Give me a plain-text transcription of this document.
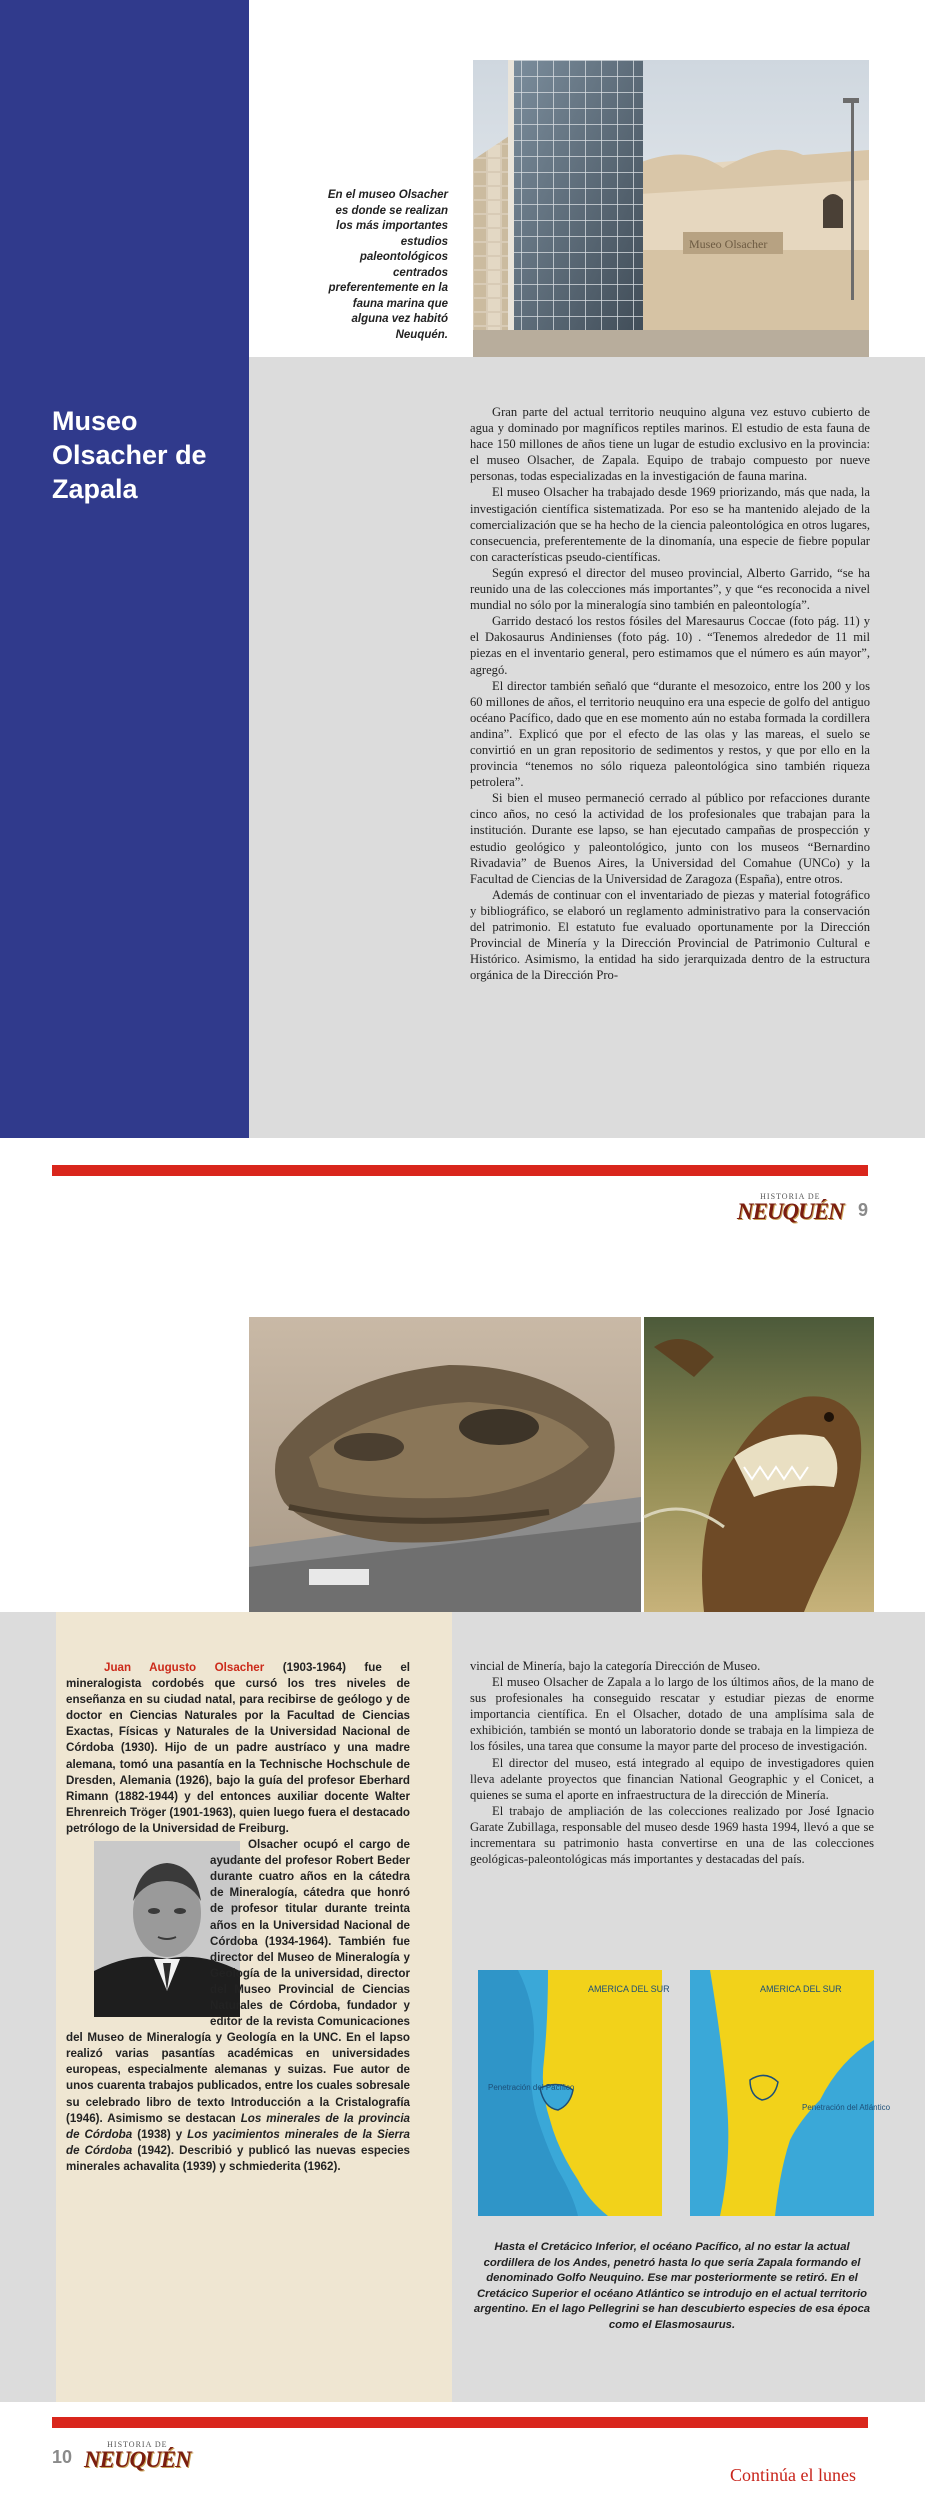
En el museo Olsacher es donde se realizan los más importantes estudios paleontológicos centrados preferentemente en la fauna marina que alguna vez habitó Neuquén.
Museo Olsacher
Museo Olsacher de Zapala

Gran parte del actual territorio neuquino alguna vez estuvo cubierto de agua y dominado por magníficos reptiles marinos. El estudio de esta fauna de hace 150 millones de años tiene un lugar de estudio exclusivo en la provincia: el museo Olsacher, de Zapala. Equipo de trabajo compuesto por nueve personas, todas especializadas en la investigación de fauna marina.

El museo Olsacher ha trabajado desde 1969 priorizando, más que nada, la investigación científica sistematizada. Por eso se ha mantenido alejado de la comercialización que se ha hecho de la ciencia paleontológica en otros lugares, consecuencia, preferentemente de la dinomanía, una especie de fiebre popular con características pseudo-científicas.

Según expresó el director del museo provincial, Alberto Garrido, “se ha reunido una de las colecciones más importantes”, y que “es reconocida a nivel mundial no sólo por la mineralogía sino también en paleontología”.

Garrido destacó los restos fósiles del Maresaurus Coccae (foto pág. 11) y el Dakosaurus Andinienses (foto pág. 10) . “Tenemos alrededor de 11 mil piezas en el inventario general, pero estimamos que el número es aún mayor”, agregó.

El director también señaló que “durante el mesozoico, entre los 200 y los 60 millones de años, el territorio neuquino era una especie de golfo del antiguo océano Pacífico, dado que en ese momento aún no estaba formada la cordillera andina”. Explicó que por el efecto de las olas y las mareas, el suelo se convirtió en un gran repositorio de sedimentos y restos, y que por ello en la provincia “tenemos no sólo riqueza paleontológica sino también riqueza petrolera”.

Si bien el museo permaneció cerrado al público por refacciones durante cinco años, no cesó la actividad de los profesionales que trabajan para la institución. Durante ese lapso, se han ejecutado campañas de prospección y estudio geológico y paleontológico, junto con los museos “Bernardino Rivadavia” de Buenos Aires, la Universidad del Comahue (UNCo) y la Facultad de Ciencias de la Universidad de Zaragoza (España), entre otros.

Además de continuar con el inventariado de piezas y material fotográfico y bibliográfico, se elaboró un reglamento administrativo para la conservación del patrimonio. El estatuto fue evaluado oportunamente por la Dirección Provincial de Minería y la Dirección Provincial de Patrimonio Cultural e Histórico. Asimismo, la entidad ha sido jerarquizada dentro de la estructura orgánica de la Dirección Pro-

HISTORIA DE
NEUQUÉN 9

Juan Augusto Olsacher (1903-1964) fue el mineralogista cordobés que cursó los tres niveles de enseñanza en su ciudad natal, para recibirse de geólogo y de doctor en Ciencias Naturales por la Facultad de Ciencias Exactas, Físicas y Naturales de la Universidad Nacional de Córdoba (1930). Hijo de un padre austríaco y una madre alemana, tomó una pasantía en la Technische Hochschule de Dresden, Alemania (1926), bajo la guía del profesor Eberhard Rimann (1882-1944) y del entonces auxiliar docente Walter Ehrenreich Tröger (1901-1963), quien luego fuera el destacado petrólogo de la Universidad de Freiburg.

Olsacher ocupó el cargo de ayudante del profesor Robert Beder durante cuatro años en la cátedra de Mineralogía, cátedra que honró de profesor titular durante treinta años en la Universidad Nacional de Córdoba (1934-1964). También fue director del Museo de Mineralogía y Geología de la universidad, director del Museo Provincial de Ciencias Naturales de Córdoba, fundador y editor de la revista Comunicaciones del Museo de Mineralogía y Geología en la UNC. En el lapso realizó varias pasantías académicas en universidades europeas, especialmente alemanas y suizas. Fue autor de unos cuarenta trabajos publicados, entre los cuales sobresale su celebrado libro de texto Introducción a la Cristalografía (1946). Asimismo se destacan Los minerales de la provincia de Córdoba (1938) y Los yacimientos minerales de la Sierra de Córdoba (1942). Describió y publicó las nuevas especies minerales achavalita (1939) y schmiederita (1962).

vincial de Minería, bajo la categoría Dirección de Museo.

El museo Olsacher de Zapala a lo largo de los últimos años, de la mano de sus profesionales ha conseguido rescatar y estudiar piezas de enorme importancia científica. En el Olsacher, dotado de una amplísima sala de exhibición, también se montó un laboratorio donde se trabaja en la limpieza de los fósiles, una tarea que consume la mayor parte del proceso de investigación.

El director del museo, está integrado al equipo de investigadores quien lleva adelante proyectos que financian National Geographic y el Conicet, a quienes se suma el aporte en infraestructura de la dirección de Minería.

El trabajo de ampliación de las colecciones realizado por José Ignacio Garate Zubillaga, responsable del museo desde 1969 hasta 1994, llevó a que se incrementara su patrimonio hasta convertirse en una de las colecciones geológicas-paleontológicas más importantes y destacadas del país.

AMERICA DEL SUR
Penetración del Pacífico
AMERICA DEL SUR
Penetración del Atlántico
Hasta el Cretácico Inferior, el océano Pacífico, al no estar la actual cordillera de los Andes, penetró hasta lo que sería Zapala formando el denominado Golfo Neuquino. Ese mar posteriormente se retiró. En el Cretácico Superior el océano Atlántico se introdujo en el actual territorio argentino. En el lago Pellegrini se han descubierto especies de esa época como el Elasmosaurus.
10
HISTORIA DE
NEUQUÉN
Continúa el lunes
